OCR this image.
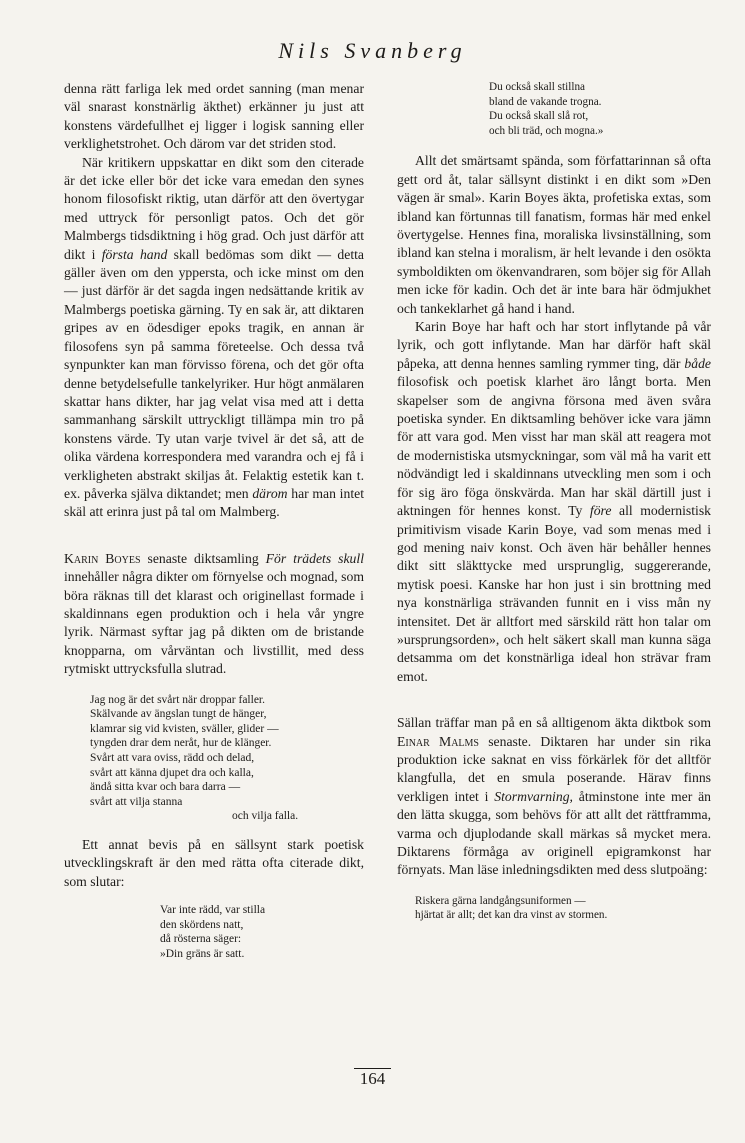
Nils Svanberg

denna rätt farliga lek med ordet sanning (man menar väl snarast konstnärlig äkthet) erkänner ju just att konstens värdefullhet ej ligger i logisk sanning eller verklighetstrohet. Och därom var det striden stod.

När kritikern uppskattar en dikt som den citerade är det icke eller bör det icke vara emedan den synes honom filosofiskt riktig, utan därför att den övertygar med uttryck för personligt patos. Och det gör Malmbergs tidsdiktning i hög grad. Och just därför att dikt i första hand skall bedömas som dikt — detta gäller även om den yppersta, och icke minst om den — just därför är det sagda ingen nedsättande kritik av Malmbergs poetiska gärning. Ty en sak är, att diktaren gripes av en ödesdiger epoks tragik, en annan är filosofens syn på samma företeelse. Och dessa två synpunkter kan man förvisso förena, och det gör ofta denne betydelsefulle tankelyriker. Hur högt anmälaren skattar hans dikter, har jag velat visa med att i detta sammanhang särskilt uttryckligt tillämpa min tro på konstens värde. Ty utan varje tvivel är det så, att de olika värdena korrespondera med varandra och ej få i verkligheten abstrakt skiljas åt. Felaktig estetik kan t. ex. påverka själva diktandet; men därom har man intet skäl att erinra just på tal om Malmberg.

Karin Boyes senaste diktsamling För trädets skull innehåller några dikter om förnyelse och mognad, som böra räknas till det klarast och originellast formade i skaldinnans egen produktion och i hela vår yngre lyrik. Närmast syftar jag på dikten om de bristande knopparna, om vårväntan och livstillit, med dess rytmiskt uttrycksfulla slutrad.

Jag nog är det svårt när droppar faller.
Skälvande av ängslan tungt de hänger,
klamrar sig vid kvisten, sväller, glider —
tyngden drar dem neråt, hur de klänger.
Svårt att vara oviss, rädd och delad,
svårt att känna djupet dra och kalla,
ändå sitta kvar och bara darra —
svårt att vilja stanna
och vilja falla.

Ett annat bevis på en sällsynt stark poetisk utvecklingskraft är den med rätta ofta citerade dikt, som slutar:

Var inte rädd, var stilla
den skördens natt,
då rösterna säger:
»Din gräns är satt.
Du också skall stillna
bland de vakande trogna.
Du också skall slå rot,
och bli träd, och mogna.»

Allt det smärtsamt spända, som författarinnan så ofta gett ord åt, talar sällsynt distinkt i en dikt som »Den vägen är smal». Karin Boyes äkta, profetiska extas, som ibland kan förtunnas till fanatism, formas här med enkel övertygelse. Hennes fina, moraliska livsinställning, som ibland kan stelna i moralism, är helt levande i den osökta symboldikten om ökenvandraren, som böjer sig för Allah men icke för kadin. Och det är inte bara här ödmjukhet och tankeklarhet gå hand i hand.

Karin Boye har haft och har stort inflytande på vår lyrik, och gott inflytande. Man har därför haft skäl påpeka, att denna hennes samling rymmer ting, där både filosofisk och poetisk klarhet äro långt borta. Men skapelser som de angivna försona med även svåra poetiska synder. En diktsamling behöver icke vara jämn för att vara god. Men visst har man skäl att reagera mot de modernistiska utsmyckningar, som väl må ha varit ett nödvändigt led i skaldinnans utveckling men som i och för sig äro föga önskvärda. Man har skäl därtill just i aktningen för hennes konst. Ty före all modernistisk primitivism visade Karin Boye, vad som menas med i god mening naiv konst. Och även här behåller hennes dikt sitt släkttycke med ursprunglig, suggererande, mytisk poesi. Kanske har hon just i sin brottning med nya konstnärliga strävanden funnit en i viss mån ny intensitet. Det är alltfort med särskild rätt hon talar om »ursprungsorden», och helt säkert skall man kunna säga detsamma om det konstnärliga ideal hon strävar fram emot.

Sällan träffar man på en så alltigenom äkta diktbok som Einar Malms senaste. Diktaren har under sin rika produktion icke saknat en viss förkärlek för det alltför klangfulla, det en smula poserande. Härav finns verkligen intet i Stormvarning, åtminstone inte mer än den lätta skugga, som behövs för att allt det rättframma, varma och djuplodande skall märkas så mycket mera. Diktarens förmåga av originell epigramkonst har förnyats. Man läse inledningsdikten med dess slutpoäng:

Riskera gärna landgångsuniformen —
hjärtat är allt; det kan dra vinst av stormen.
164
